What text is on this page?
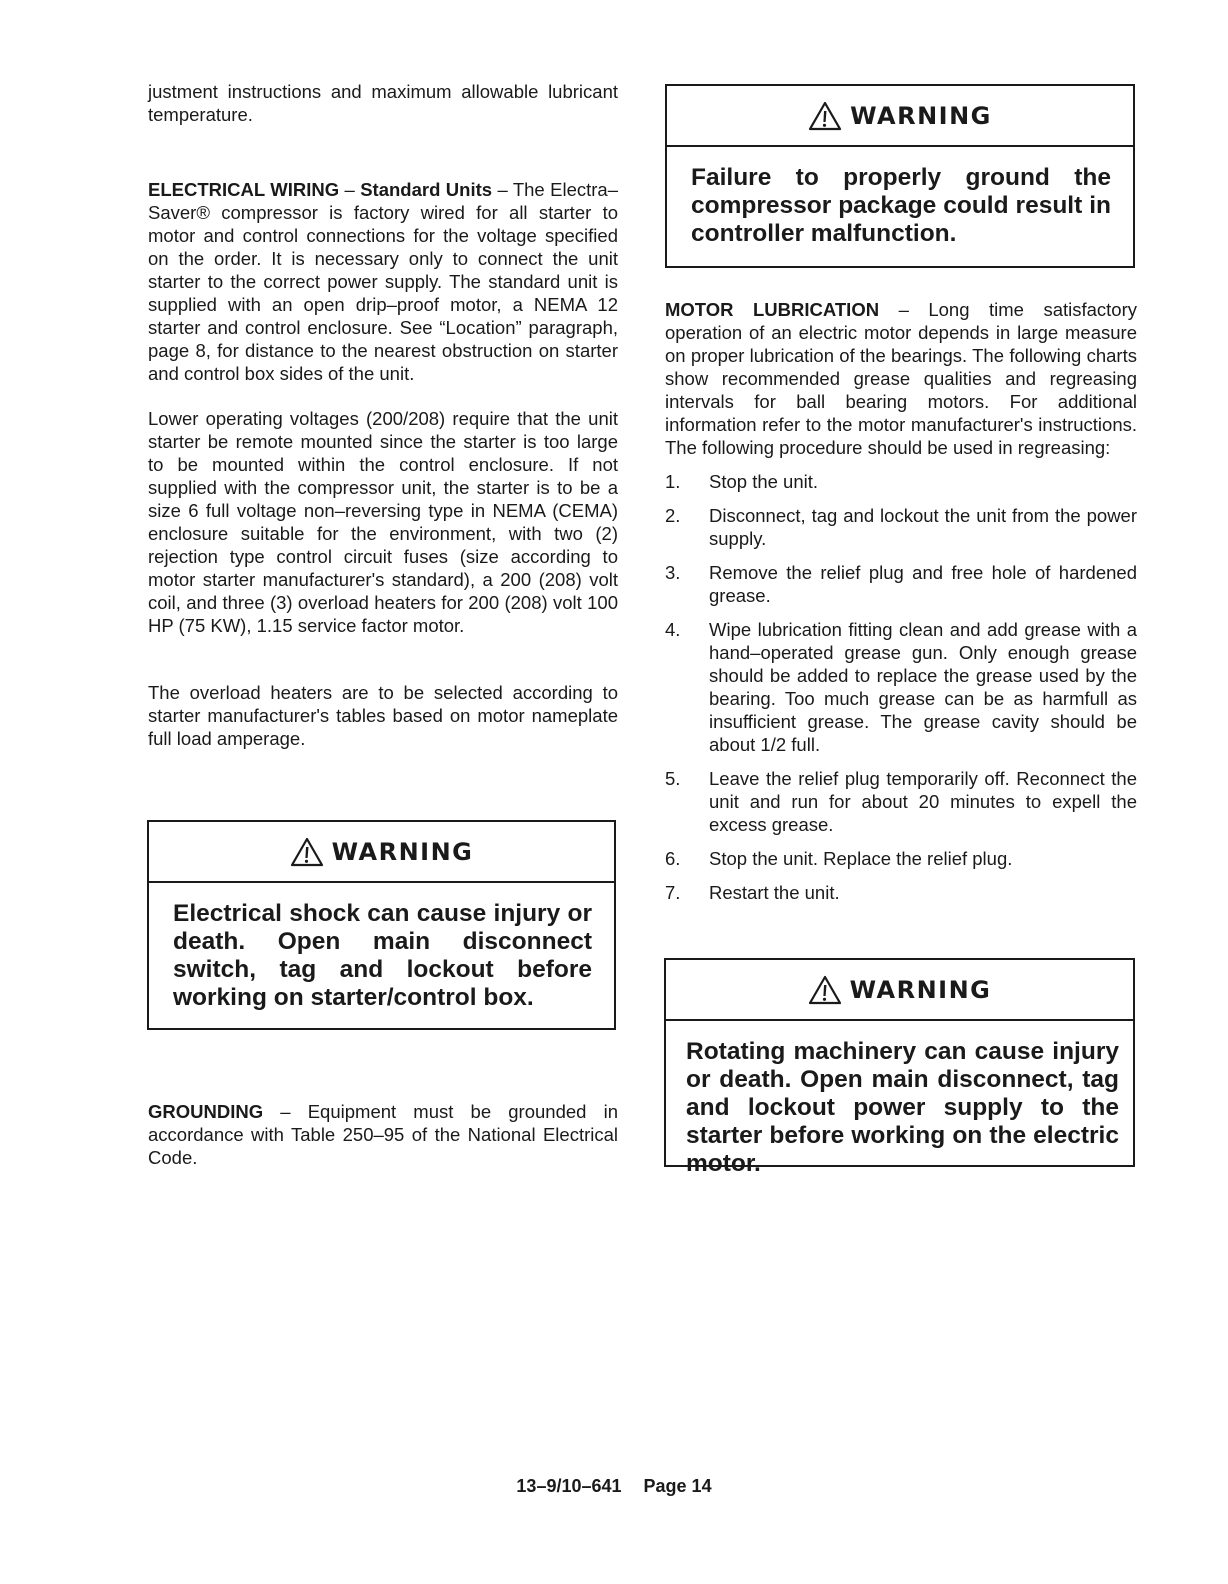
justment instructions and maximum allowable lubricant temperature.

ELECTRICAL WIRING – Standard Units – The Electra–Saver® compressor is factory wired for all starter to motor and control connections for the voltage specified on the order. It is necessary only to connect the unit starter to the correct power supply. The standard unit is supplied with an open drip–proof motor, a NEMA 12 starter and control enclosure. See “Location” paragraph, page 8, for distance to the nearest obstruction on starter and control box sides of the unit.

Lower operating voltages (200/208) require that the unit starter be remote mounted since the starter is too large to be mounted within the control enclosure. If not supplied with the compressor unit, the starter is to be a size 6 full voltage non–reversing type in NEMA (CEMA) enclosure suitable for the environment, with two (2) rejection type control circuit fuses (size according to motor starter manufacturer's standard), a 200 (208) volt coil, and three (3) overload heaters for 200 (208) volt 100 HP (75 KW), 1.15 service factor motor.

The overload heaters are to be selected according to starter manufacturer's tables based on motor nameplate full load amperage.

WARNING
Electrical shock can cause injury or death. Open main disconnect switch, tag and lockout before working on starter/control box.

GROUNDING – Equipment must be grounded in accordance with Table 250–95 of the National Electrical Code.

WARNING
Failure to properly ground the compressor package could result in controller malfunction.

MOTOR LUBRICATION – Long time satisfactory operation of an electric motor depends in large measure on proper lubrication of the bearings. The following charts show recommended grease qualities and regreasing intervals for ball bearing motors. For additional information refer to the motor manufacturer's instructions. The following procedure should be used in regreasing:

1. Stop the unit.
2. Disconnect, tag and lockout the unit from the power supply.
3. Remove the relief plug and free hole of hardened grease.
4. Wipe lubrication fitting clean and add grease with a hand–operated grease gun. Only enough grease should be added to replace the grease used by the bearing. Too much grease can be as harmfull as insufficient grease. The grease cavity should be about 1/2 full.
5. Leave the relief plug temporarily off. Reconnect the unit and run for about 20 minutes to expell the excess grease.
6. Stop the unit. Replace the relief plug.
7. Restart the unit.
WARNING
Rotating machinery can cause injury or death. Open main disconnect, tag and lockout power supply to the starter before working on the electric motor.
13–9/10–641 Page 14
